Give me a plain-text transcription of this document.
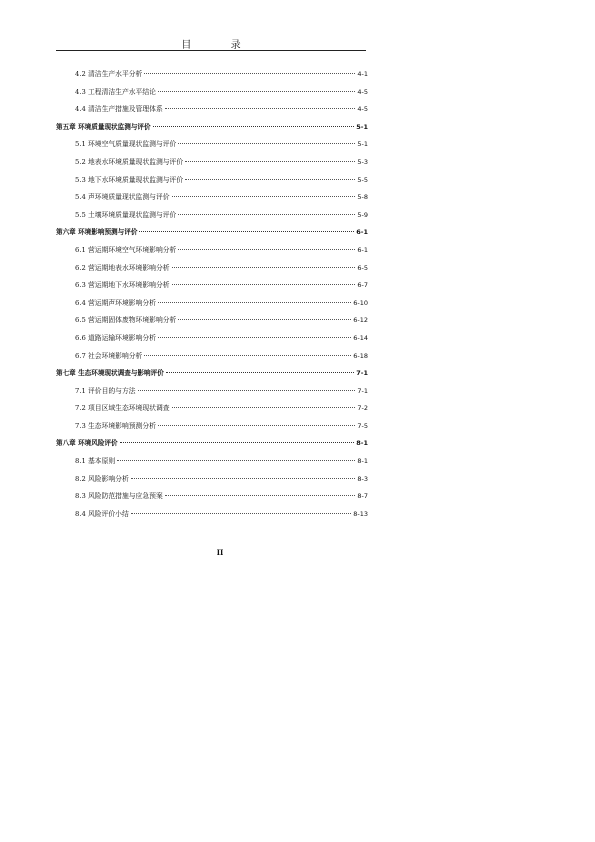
目 录
4.2 清洁生产水平分析	4-1
4.3 工程清洁生产水平结论	4-5
4.4 清洁生产措施及管理体系	4-5
第五章 环境质量现状监测与评价	5-1
5.1 环境空气质量现状监测与评价	5-1
5.2 地表水环境质量现状监测与评价	5-3
5.3 地下水环境质量现状监测与评价	5-5
5.4 声环境质量现状监测与评价	5-8
5.5 土壤环境质量现状监测与评价	5-9
第六章 环境影响预测与评价	6-1
6.1 营运期环境空气环境影响分析	6-1
6.2 营运期地表水环境影响分析	6-5
6.3 营运期地下水环境影响分析	6-7
6.4 营运期声环境影响分析	6-10
6.5 营运期固体废物环境影响分析	6-12
6.6 道路运输环境影响分析	6-14
6.7 社会环境影响分析	6-18
第七章 生态环境现状调查与影响评价	7-1
7.1 评价目的与方法	7-1
7.2 项目区域生态环境现状调查	7-2
7.3 生态环境影响预测分析	7-5
第八章 环境风险评价	8-1
8.1 基本原则	8-1
8.2 风险影响分析	8-3
8.3 风险防范措施与应急预案	8-7
8.4 风险评价小结	8-13
II
